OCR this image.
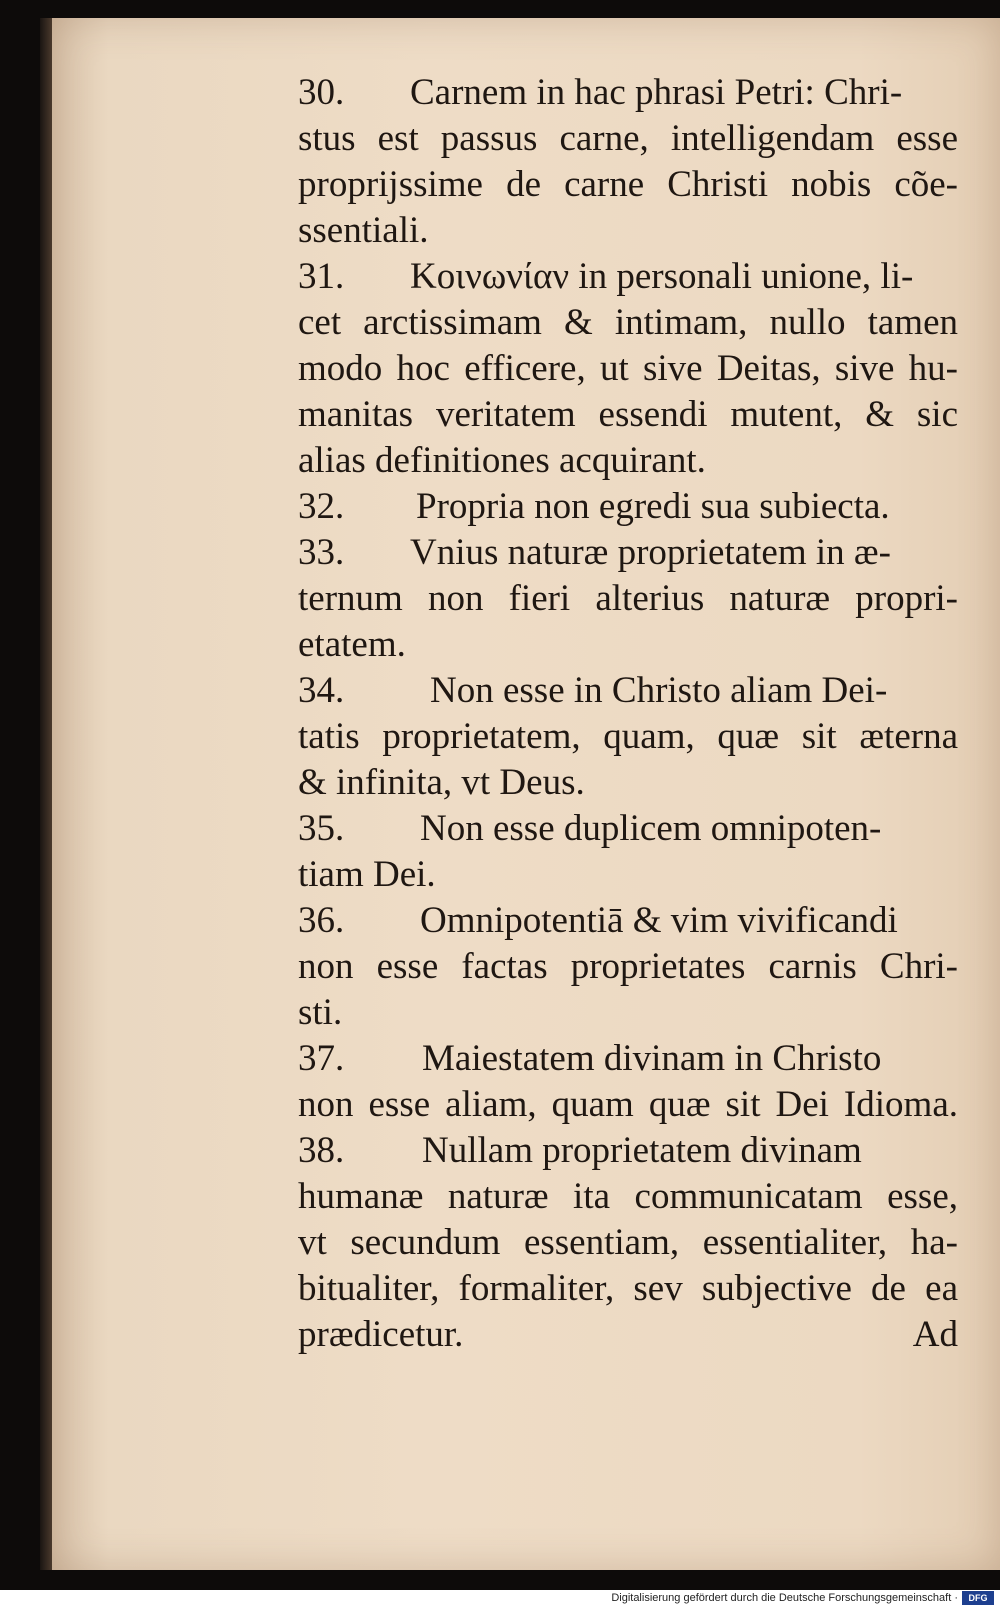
30. Carnem in hac phrasi Petri: Chri-
stus est passus carne, intelligendam esse
proprijssime de carne Christi nobis cõe-
ssentiali.
31. Κοινωνίαν in personali unione, li-
cet arctissimam & intimam, nullo tamen
modo hoc efficere, ut sive Deitas, sive hu-
manitas veritatem essendi mutent, & sic
alias definitiones acquirant.
32. Propria non egredi sua subiecta.
33. Vnius naturæ proprietatem in æ-
ternum non fieri alterius naturæ propri-
etatem.
34. Non esse in Christo aliam Dei-
tatis proprietatem, quam, quæ sit æterna
& infinita, vt Deus.
35. Non esse duplicem omnipoten-
tiam Dei.
36. Omnipotentiā & vim vivificandi
non esse factas proprietates carnis Chri-
sti.
37. Maiestatem divinam in Christo
non esse aliam, quam quæ sit Dei Idioma.
38. Nullam proprietatem divinam
humanæ naturæ ita communicatam esse,
vt secundum essentiam, essentialiter, ha-
bitualiter, formaliter, sev subjective de ea
prædicetur.	Ad
Digitalisierung gefördert durch die Deutsche Forschungsgemeinschaft ·	DFG
